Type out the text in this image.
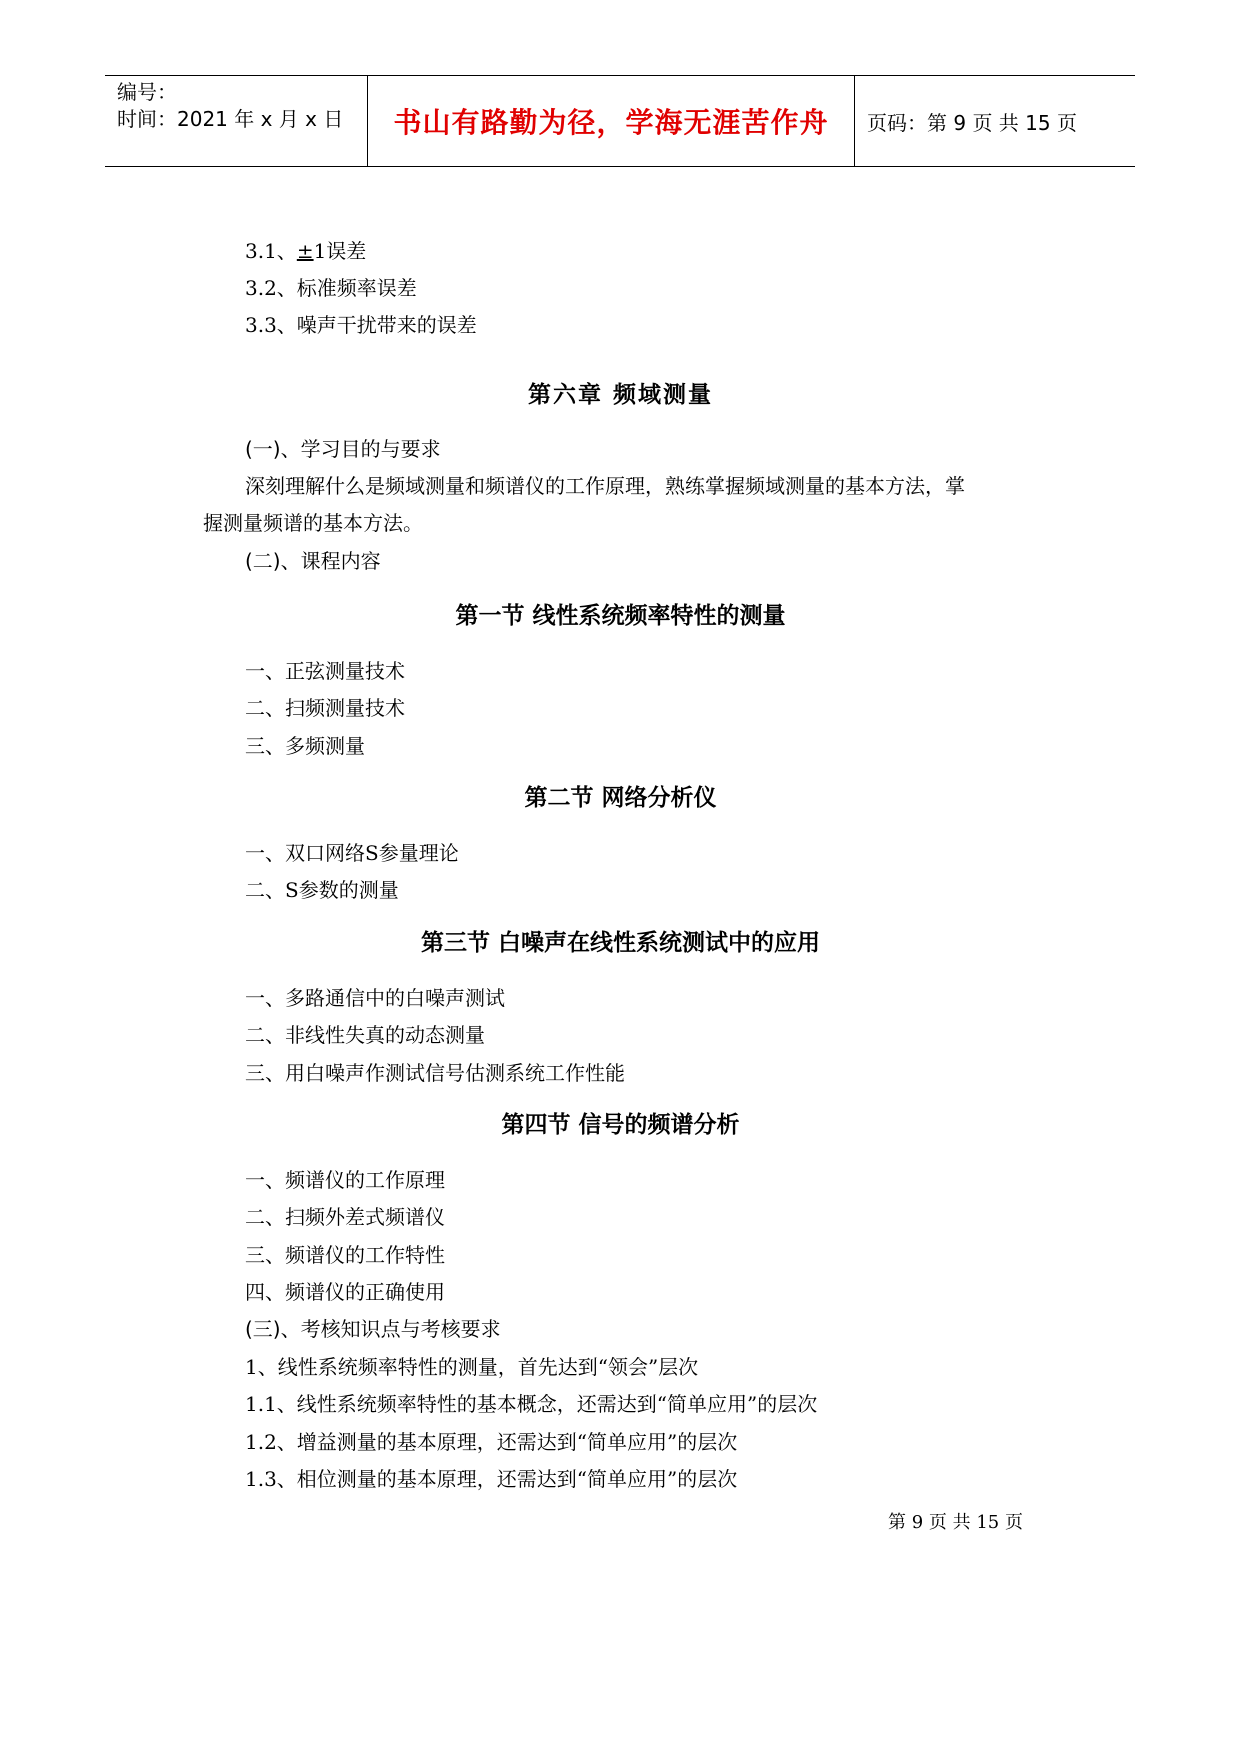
编号：
时间：2021 年 x 月 x 日	书山有路勤为径，学海无涯苦作舟	页码：第 9 页 共 15 页
3.1、±1误差
3.2、标准频率误差
3.3、噪声干扰带来的误差
第六章 频域测量
(一)、学习目的与要求
深刻理解什么是频域测量和频谱仪的工作原理，熟练掌握频域测量的基本方法，掌
握测量频谱的基本方法。
(二)、课程内容
第一节 线性系统频率特性的测量
一、正弦测量技术
二、扫频测量技术
三、多频测量
第二节 网络分析仪
一、双口网络S参量理论
二、S参数的测量
第三节 白噪声在线性系统测试中的应用
一、多路通信中的白噪声测试
二、非线性失真的动态测量
三、用白噪声作测试信号估测系统工作性能
第四节 信号的频谱分析
一、频谱仪的工作原理
二、扫频外差式频谱仪
三、频谱仪的工作特性
四、频谱仪的正确使用
(三)、考核知识点与考核要求
1、线性系统频率特性的测量，首先达到“领会”层次
1.1、线性系统频率特性的基本概念，还需达到“简单应用”的层次
1.2、增益测量的基本原理，还需达到“简单应用”的层次
1.3、相位测量的基本原理，还需达到“简单应用”的层次
第 9 页 共 15 页
